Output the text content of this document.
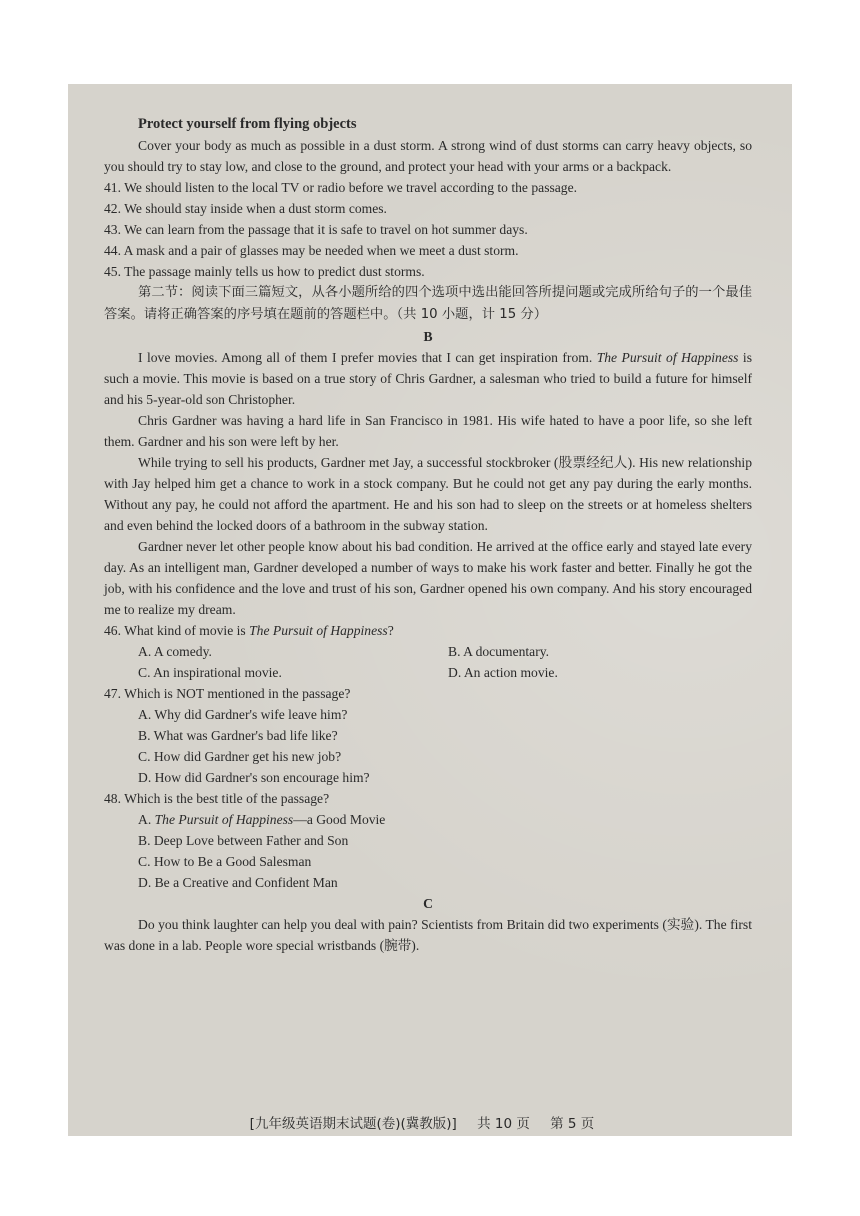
Protect yourself from flying objects

Cover your body as much as possible in a dust storm. A strong wind of dust storms can carry heavy objects, so you should try to stay low, and close to the ground, and protect your head with your arms or a backpack.

41. We should listen to the local TV or radio before we travel according to the passage.

42. We should stay inside when a dust storm comes.

43. We can learn from the passage that it is safe to travel on hot summer days.

44. A mask and a pair of glasses may be needed when we meet a dust storm.

45. The passage mainly tells us how to predict dust storms.

第二节：阅读下面三篇短文，从各小题所给的四个选项中选出能回答所提问题或完成所给句子的一个最佳答案。请将正确答案的序号填在题前的答题栏中。（共 10 小题，计 15 分）

B

I love movies. Among all of them I prefer movies that I can get inspiration from. The Pursuit of Happiness is such a movie. This movie is based on a true story of Chris Gardner, a salesman who tried to build a future for himself and his 5-year-old son Christopher.

Chris Gardner was having a hard life in San Francisco in 1981. His wife hated to have a poor life, so she left them. Gardner and his son were left by her.

While trying to sell his products, Gardner met Jay, a successful stockbroker (股票经纪人). His new relationship with Jay helped him get a chance to work in a stock company. But he could not get any pay during the early months. Without any pay, he could not afford the apartment. He and his son had to sleep on the streets or at homeless shelters and even behind the locked doors of a bathroom in the subway station.

Gardner never let other people know about his bad condition. He arrived at the office early and stayed late every day. As an intelligent man, Gardner developed a number of ways to make his work faster and better. Finally he got the job, with his confidence and the love and trust of his son, Gardner opened his own company. And his story encouraged me to realize my dream.

46. What kind of movie is The Pursuit of Happiness?

A. A comedy.	B. A documentary.
C. An inspirational movie.	D. An action movie.

47. Which is NOT mentioned in the passage?

A. Why did Gardner's wife leave him?

B. What was Gardner's bad life like?

C. How did Gardner get his new job?

D. How did Gardner's son encourage him?

48. Which is the best title of the passage?

A. The Pursuit of Happiness—a Good Movie

B. Deep Love between Father and Son

C. How to Be a Good Salesman

D. Be a Creative and Confident Man

C

Do you think laughter can help you deal with pain? Scientists from Britain did two experiments (实验). The first was done in a lab. People wore special wristbands (腕带).

[九年级英语期末试题(卷)(冀教版)] 共 10 页 第 5 页
